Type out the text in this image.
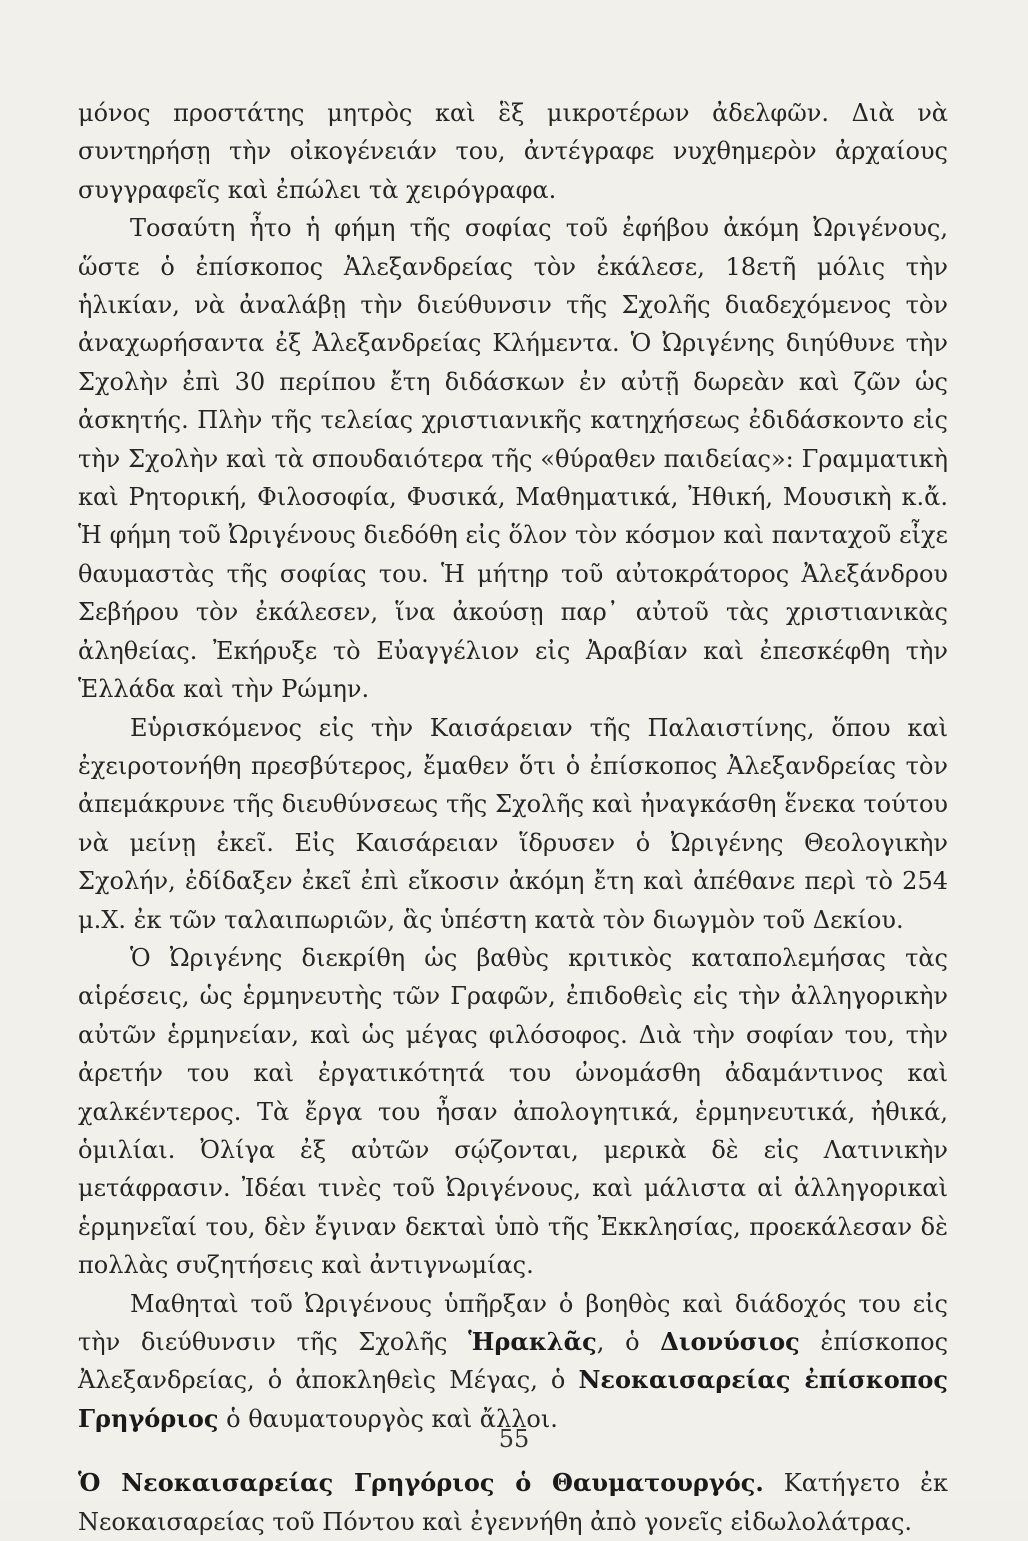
μόνος προστάτης μητρὸς καὶ ἓξ μικροτέρων ἀδελφῶν. Διὰ νὰ συντηρήσῃ τὴν οἰκογένειάν του, ἀντέγραφε νυχθημερὸν ἀρχαίους συγγραφεῖς καὶ ἐπώλει τὰ χειρόγραφα.

Τοσαύτη ἦτο ἡ φήμη τῆς σοφίας τοῦ ἐφήβου ἀκόμη Ὠριγένους, ὥστε ὁ ἐπίσκοπος Ἀλεξανδρείας τὸν ἐκάλεσε, 18ετῆ μόλις τὴν ἡλικίαν, νὰ ἀναλάβῃ τὴν διεύθυνσιν τῆς Σχολῆς διαδεχόμενος τὸν ἀναχωρήσαντα ἐξ Ἀλεξανδρείας Κλήμεντα. Ὁ Ὠριγένης διηύθυνε τὴν Σχολὴν ἐπὶ 30 περίπου ἔτη διδάσκων ἐν αὐτῇ δωρεὰν καὶ ζῶν ὡς ἀσκητής. Πλὴν τῆς τελείας χριστιανικῆς κατηχήσεως ἐδιδάσκοντο εἰς τὴν Σχολὴν καὶ τὰ σπουδαιότερα τῆς «θύραθεν παιδείας»: Γραμματικὴ καὶ Ρητορική, Φιλοσοφία, Φυσικά, Μαθηματικά, Ἠθική, Μουσικὴ κ.ἄ. Ἡ φήμη τοῦ Ὠριγένους διεδόθη εἰς ὅλον τὸν κόσμον καὶ πανταχοῦ εἶχε θαυμαστὰς τῆς σοφίας του. Ἡ μήτηρ τοῦ αὐτοκράτορος Ἀλεξάνδρου Σεβήρου τὸν ἐκάλεσεν, ἵνα ἀκούσῃ παρ᾽ αὐτοῦ τὰς χριστιανικὰς ἀληθείας. Ἐκήρυξε τὸ Εὐαγγέλιον εἰς Ἀραβίαν καὶ ἐπεσκέφθη τὴν Ἑλλάδα καὶ τὴν Ρώμην.

Εὑρισκόμενος εἰς τὴν Καισάρειαν τῆς Παλαιστίνης, ὅπου καὶ ἐχειροτονήθη πρεσβύτερος, ἔμαθεν ὅτι ὁ ἐπίσκοπος Ἀλεξανδρείας τὸν ἀπεμάκρυνε τῆς διευθύνσεως τῆς Σχολῆς καὶ ἠναγκάσθη ἕνεκα τούτου νὰ μείνῃ ἐκεῖ. Εἰς Καισάρειαν ἵδρυσεν ὁ Ὠριγένης Θεολογικὴν Σχολήν, ἐδίδαξεν ἐκεῖ ἐπὶ εἴκοσιν ἀκόμη ἔτη καὶ ἀπέθανε περὶ τὸ 254 μ.Χ. ἐκ τῶν ταλαιπωριῶν, ἃς ὑπέστη κατὰ τὸν διωγμὸν τοῦ Δεκίου.

Ὁ Ὠριγένης διεκρίθη ὡς βαθὺς κριτικὸς καταπολεμήσας τὰς αἱρέσεις, ὡς ἑρμηνευτὴς τῶν Γραφῶν, ἐπιδοθεὶς εἰς τὴν ἀλληγορικὴν αὐτῶν ἑρμηνείαν, καὶ ὡς μέγας φιλόσοφος. Διὰ τὴν σοφίαν του, τὴν ἀρετήν του καὶ ἐργατικότητά του ὠνομάσθη ἀδαμάντινος καὶ χαλκέντερος. Τὰ ἔργα του ἦσαν ἀπολογητικά, ἑρμηνευτικά, ἠθικά, ὁμιλίαι. Ὀλίγα ἐξ αὐτῶν σῴζονται, μερικὰ δὲ εἰς Λατινικὴν μετάφρασιν. Ἰδέαι τινὲς τοῦ Ὠριγένους, καὶ μάλιστα αἱ ἀλληγορικαὶ ἑρμηνεῖαί του, δὲν ἔγιναν δεκταὶ ὑπὸ τῆς Ἐκκλησίας, προεκάλεσαν δὲ πολλὰς συζητήσεις καὶ ἀντιγνωμίας.

Μαθηταὶ τοῦ Ὠριγένους ὑπῆρξαν ὁ βοηθὸς καὶ διάδοχός του εἰς τὴν διεύθυνσιν τῆς Σχολῆς Ἡρακλᾶς, ὁ Διονύσιος ἐπίσκοπος Ἀλεξανδρείας, ὁ ἀποκληθεὶς Μέγας, ὁ Νεοκαισαρείας ἐπίσκοπος Γρηγόριος ὁ θαυματουργὸς καὶ ἄλλοι.

Ὁ Νεοκαισαρείας Γρηγόριος ὁ Θαυματουργός. Κατήγετο ἐκ Νεοκαισαρείας τοῦ Πόντου καὶ ἐγεννήθη ἀπὸ γονεῖς εἰδωλολάτρας.

55
